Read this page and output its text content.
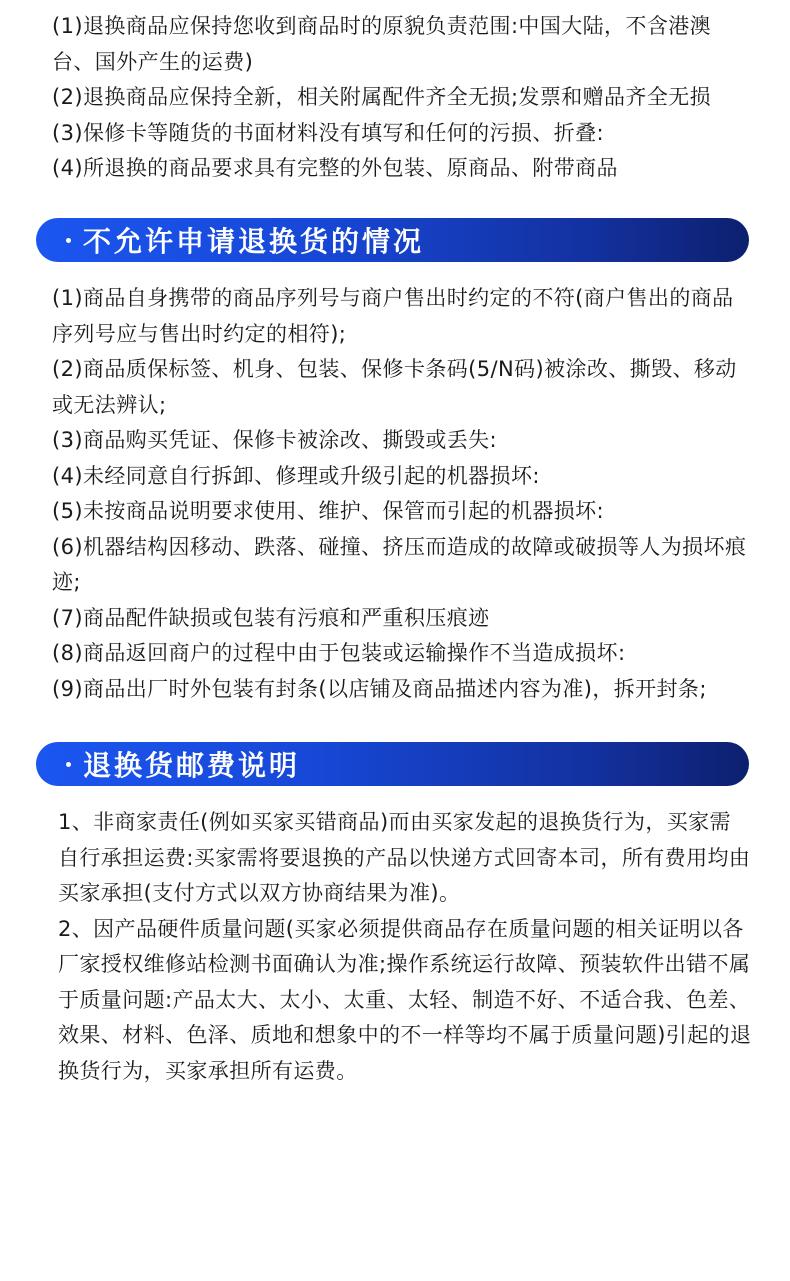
(1)退换商品应保持您收到商品时的原貌负责范围:中国大陆，不含港澳台、国外产生的运费)

(2)退换商品应保持全新，相关附属配件齐全无损;发票和赠品齐全无损

(3)保修卡等随货的书面材料没有填写和任何的污损、折叠:

(4)所退换的商品要求具有完整的外包装、原商品、附带商品

不允许申请退换货的情况

(1)商品自身携带的商品序列号与商户售出时约定的不符(商户售出的商品序列号应与售出时约定的相符);

(2)商品质保标签、机身、包装、保修卡条码(5/N码)被涂改、撕毁、移动或无法辨认;

(3)商品购买凭证、保修卡被涂改、撕毁或丢失:

(4)未经同意自行拆卸、修理或升级引起的机器损坏:

(5)未按商品说明要求使用、维护、保管而引起的机器损坏:

(6)机器结构因移动、跌落、碰撞、挤压而造成的故障或破损等人为损坏痕迹;

(7)商品配件缺损或包装有污痕和严重积压痕迹

(8)商品返回商户的过程中由于包装或运输操作不当造成损坏:

(9)商品出厂时外包装有封条(以店铺及商品描述内容为准)，拆开封条;

退换货邮费说明

1、非商家责任(例如买家买错商品)而由买家发起的退换货行为，买家需自行承担运费:买家需将要退换的产品以快递方式回寄本司，所有费用均由买家承担(支付方式以双方协商结果为准)。

2、因产品硬件质量问题(买家必须提供商品存在质量问题的相关证明以各厂家授权维修站检测书面确认为准;操作系统运行故障、预装软件出错不属于质量问题:产品太大、太小、太重、太轻、制造不好、不适合我、色差、效果、材料、色泽、质地和想象中的不一样等均不属于质量问题)引起的退换货行为，买家承担所有运费。
